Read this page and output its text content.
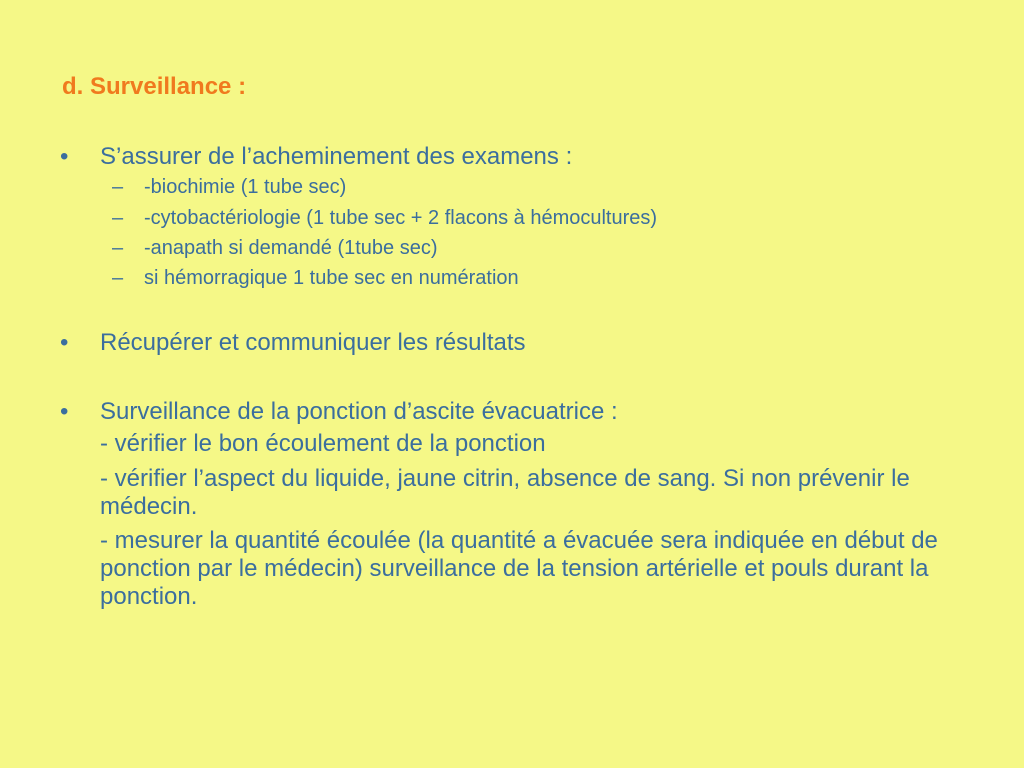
d. Surveillance :
•	S’assurer de l’acheminement des examens :
– -biochimie (1 tube sec)
– -cytobactériologie (1 tube sec + 2 flacons à hémocultures)
– -anapath si demandé (1tube sec)
– si hémorragique 1 tube sec en numération
•	Récupérer et communiquer les résultats
•	Surveillance de la ponction d’ascite évacuatrice :
- vérifier le bon écoulement de la ponction
- vérifier l’aspect du liquide, jaune citrin, absence de sang. Si non prévenir le médecin.
- mesurer la quantité écoulée (la quantité a évacuée sera indiquée en début de ponction par le médecin) surveillance de la tension artérielle et pouls durant la ponction.
